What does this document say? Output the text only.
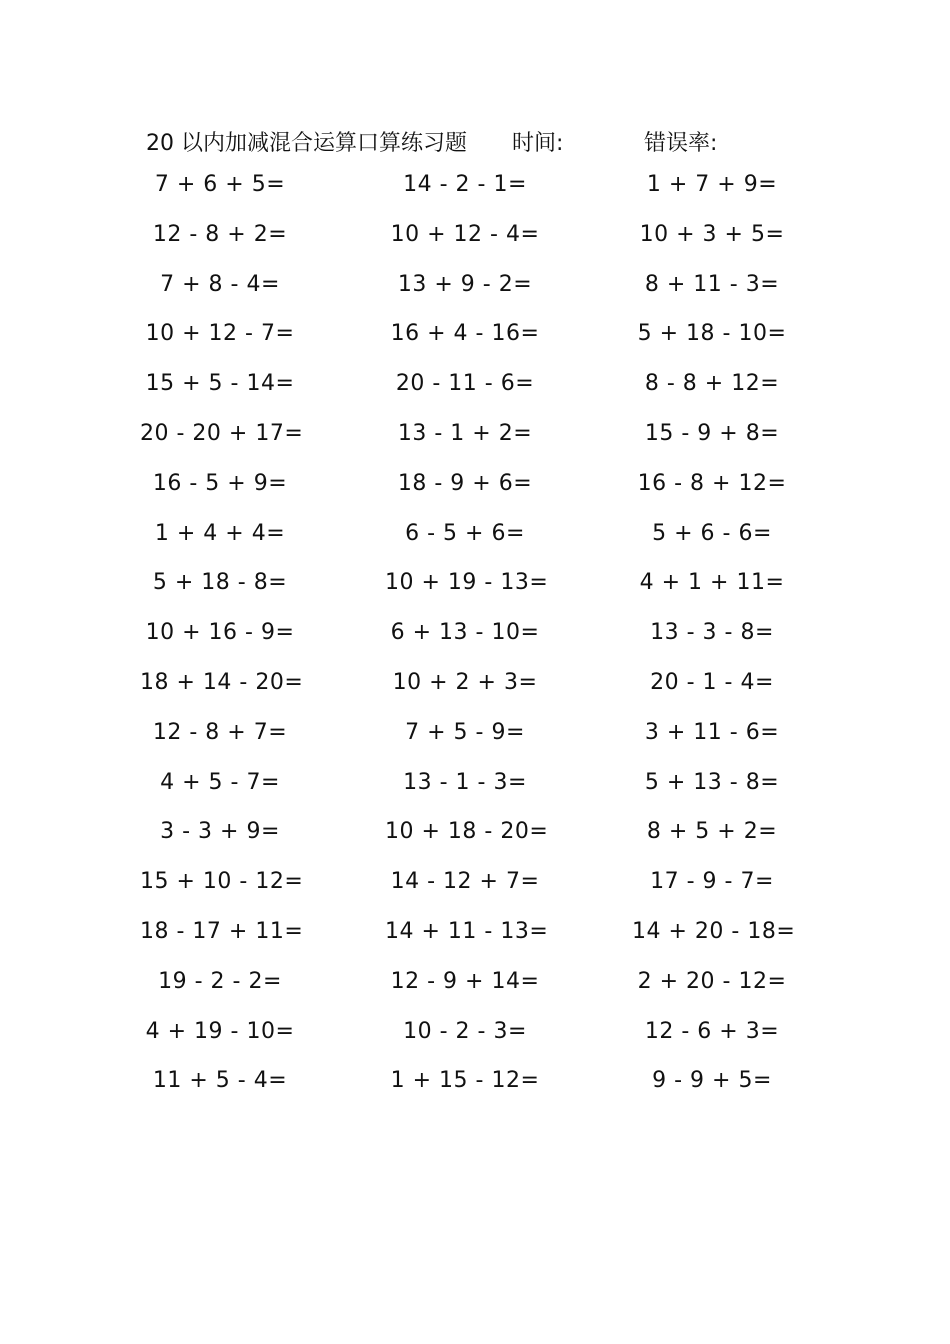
20 以内加减混合运算口算练习题 时间:	错误率:
7 + 6 + 5=	14 - 2 - 1=	1 + 7 + 9=
12 - 8 + 2=	10 + 12 - 4=	10 + 3 + 5=
7 + 8 - 4=	13 + 9 - 2=	8 + 11 - 3=
10 + 12 - 7=	16 + 4 - 16=	5 + 18 - 10=
15 + 5 - 14=	20 - 11 - 6=	8 - 8 + 12=
20 - 20 + 17=	13 - 1 + 2=	15 - 9 + 8=
16 - 5 + 9=	18 - 9 + 6=	16 - 8 + 12=
1 + 4 + 4=	6 - 5 + 6=	5 + 6 - 6=
5 + 18 - 8=	10 + 19 - 13=	4 + 1 + 11=
10 + 16 - 9=	6 + 13 - 10=	13 - 3 - 8=
18 + 14 - 20=	10 + 2 + 3=	20 - 1 - 4=
12 - 8 + 7=	7 + 5 - 9=	3 + 11 - 6=
4 + 5 - 7=	13 - 1 - 3=	5 + 13 - 8=
3 - 3 + 9=	10 + 18 - 20=	8 + 5 + 2=
15 + 10 - 12=	14 - 12 + 7=	17 - 9 - 7=
18 - 17 + 11=	14 + 11 - 13=	14 + 20 - 18=
19 - 2 - 2=	12 - 9 + 14=	2 + 20 - 12=
4 + 19 - 10=	10 - 2 - 3=	12 - 6 + 3=
11 + 5 - 4=	1 + 15 - 12=	9 - 9 + 5=
